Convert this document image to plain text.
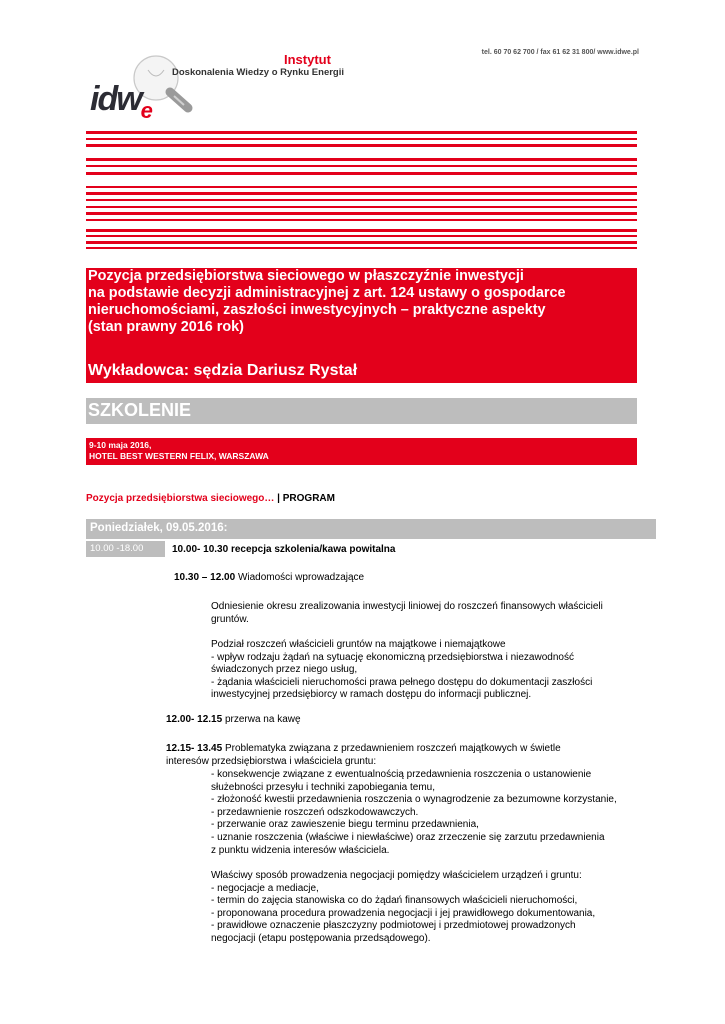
idw$_e$
Instytut
Doskonalenia Wiedzy o Rynku Energii
tel. 60 70 62 700 / fax 61 62 31 800/ www.idwe.pl
Pozycja przedsiębiorstwa sieciowego w płaszczyźnie inwestycji
na podstawie decyzji administracyjnej z art. 124 ustawy o gospodarce
nieruchomościami, zaszłości inwestycyjnych – praktyczne aspekty
(stan prawny 2016 rok)
Wykładowca: sędzia Dariusz Rystał
SZKOLENIE
9-10 maja 2016,
HOTEL BEST WESTERN FELIX, WARSZAWA
Pozycja przedsiębiorstwa sieciowego… | PROGRAM
Poniedziałek, 09.05.2016:
10.00 -18.00	10.00- 10.30 recepcja szkolenia/kawa powitalna
10.30 – 12.00 Wiadomości wprowadzające
Odniesienie okresu zrealizowania inwestycji liniowej do roszczeń finansowych właścicieli
gruntów.
Podział roszczeń właścicieli gruntów na majątkowe i niemajątkowe
- wpływ rodzaju żądań na sytuację ekonomiczną przedsiębiorstwa i niezawodność
świadczonych przez niego usług,
- żądania właścicieli nieruchomości prawa pełnego dostępu do dokumentacji zaszłości
inwestycyjnej przedsiębiorcy w ramach dostępu do informacji publicznej.
12.00- 12.15 przerwa na kawę
12.15- 13.45 Problematyka związana z przedawnieniem roszczeń majątkowych w świetle
interesów przedsiębiorstwa i właściciela gruntu:
- konsekwencje związane z ewentualnością przedawnienia roszczenia o ustanowienie
służebności przesyłu i techniki zapobiegania temu,
- złożoność kwestii przedawnienia roszczenia o wynagrodzenie za bezumowne korzystanie,
- przedawnienie roszczeń odszkodowawczych.
- przerwanie oraz zawieszenie biegu terminu przedawnienia,
- uznanie roszczenia (właściwe i niewłaściwe) oraz zrzeczenie się zarzutu przedawnienia
z punktu widzenia interesów właściciela.
Właściwy sposób prowadzenia negocjacji pomiędzy właścicielem urządzeń i gruntu:
- negocjacje a mediacje,
- termin do zajęcia stanowiska co do żądań finansowych właścicieli nieruchomości,
- proponowana procedura prowadzenia negocjacji i jej prawidłowego dokumentowania,
- prawidłowe oznaczenie płaszczyzny podmiotowej i przedmiotowej prowadzonych
negocjacji (etapu postępowania przedsądowego).
